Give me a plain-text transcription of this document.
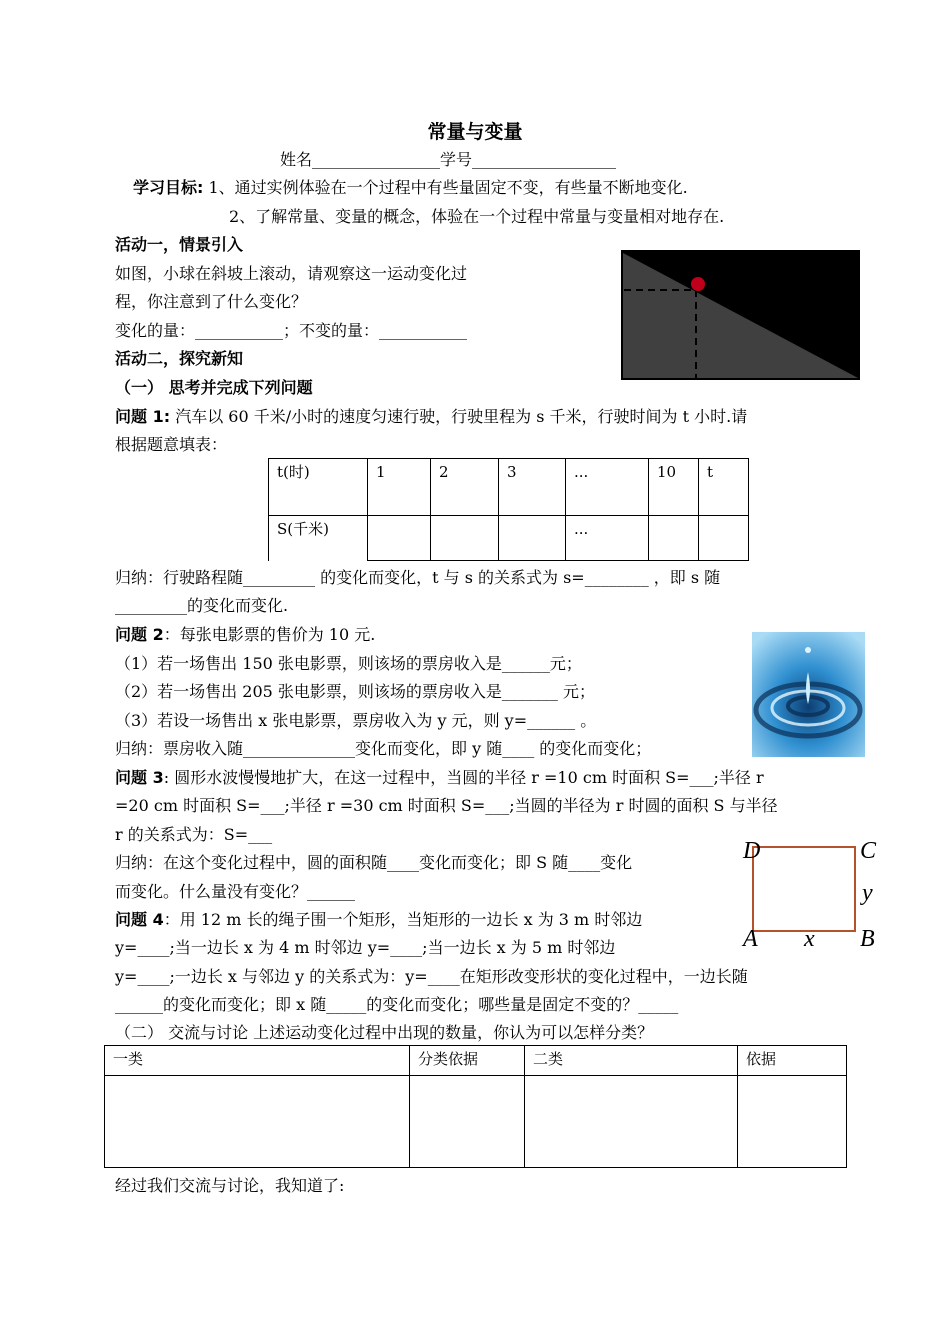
常量与变量
姓名________________学号__________________
学习目标: 1、通过实例体验在一个过程中有些量固定不变，有些量不断地变化.
2、了解常量、变量的概念，体验在一个过程中常量与变量相对地存在.
活动一，情景引入
如图，小球在斜坡上滚动，请观察这一运动变化过
程，你注意到了什么变化？
变化的量：___________；不变的量：___________
活动二，探究新知
（一） 思考并完成下列问题
问题 1: 汽车以 60 千米/小时的速度匀速行驶，行驶里程为 s 千米，行驶时间为 t 小时.请
根据题意填表：
t(时)	1	2	3	...	10	t
S(千米)				...		
归纳：行驶路程随_________ 的变化而变化，t 与 s 的关系式为 s=________ ，即 s 随
_________的变化而变化.
问题 2：每张电影票的售价为 10 元.
（1）若一场售出 150 张电影票，则该场的票房收入是______元；
（2）若一场售出 205 张电影票，则该场的票房收入是_______ 元；
（3）若设一场售出 x 张电影票，票房收入为 y 元，则 y=______ 。
归纳：票房收入随______________变化而变化，即 y 随____ 的变化而变化；
问题 3: 圆形水波慢慢地扩大，在这一过程中，当圆的半径 r =10 cm 时面积 S=___;半径 r
=20 cm 时面积 S=___;半径 r =30 cm 时面积 S=___;当圆的半径为 r 时圆的面积 S 与半径
r 的关系式为：S=___
归纳：在这个变化过程中，圆的面积随____变化而变化；即 S 随____变化
而变化。什么量没有变化？______
D	C
y
A x B
问题 4：用 12 m 长的绳子围一个矩形，当矩形的一边长 x 为 3 m 时邻边
y=____;当一边长 x 为 4 m 时邻边 y=____;当一边长 x 为 5 m 时邻边
y=____;一边长 x 与邻边 y 的关系式为：y=____在矩形改变形状的变化过程中，一边长随
______的变化而变化；即 x 随_____的变化而变化；哪些量是固定不变的？_____
（二） 交流与讨论 上述运动变化过程中出现的数量，你认为可以怎样分类？
一类	分类依据	二类	依据

经过我们交流与讨论，我知道了:
